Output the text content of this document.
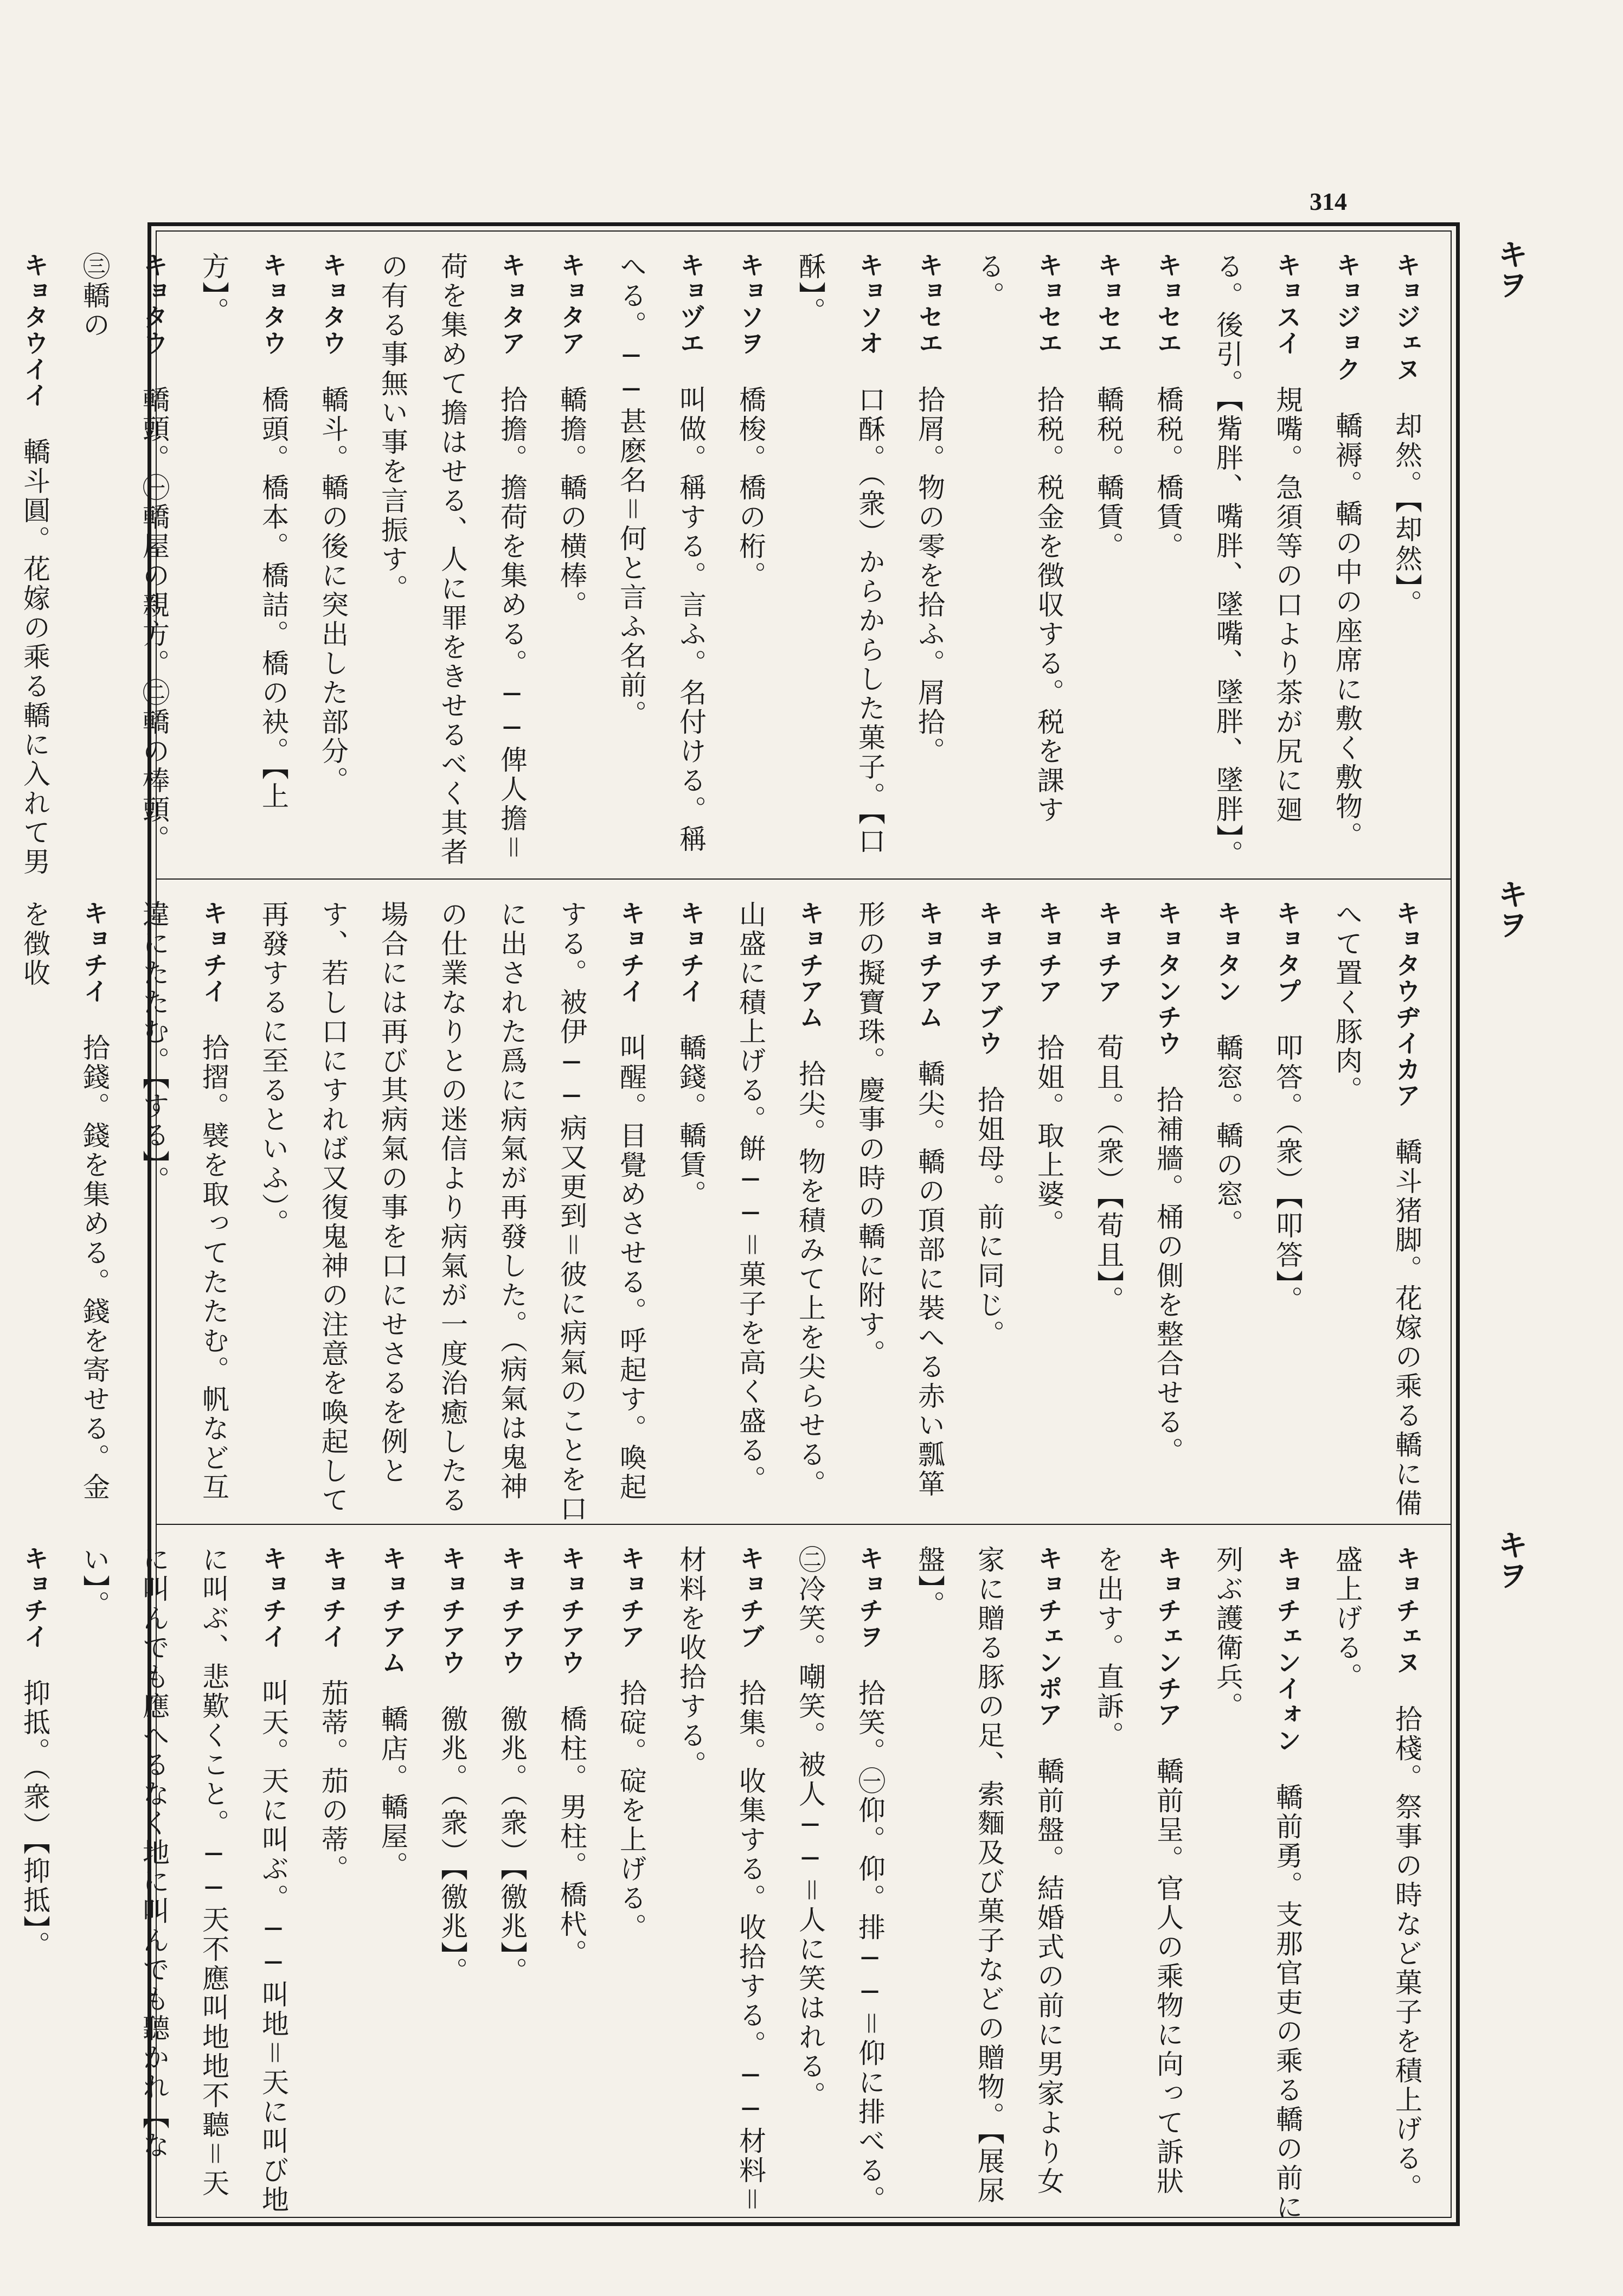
314
キヲ
キヲ
キヲ
キョジェヌ　却然。【却然】。
キョジョク　轎褥。轎の中の座席に敷く敷物。
キョスイ　規嘴。急須等の口より茶が尻に廻る。後引。【觜胖、嘴胖、墜嘴、墜胖、墜胖】。
キョセエ　橋税。橋賃。
キョセエ　轎税。轎賃。
キョセエ　拾税。税金を徴収する。税を課する。
キョセエ　拾屑。物の零を拾ふ。屑拾。
キョソオ　口酥。（衆）からからした菓子。【口酥】。
キョソヲ　橋梭。橋の桁。
キョヅエ　叫做。稱する。言ふ。名付ける。稱へる。──甚麽名＝何と言ふ名前。
キョタア　轎擔。轎の横棒。
キョタア　拾擔。擔荷を集める。──俾人擔＝荷を集めて擔はせる、人に罪をきせるべく其者の有る事無い事を言振す。
キョタウ　轎斗。轎の後に突出した部分。
キョタウ　橋頭。橋本。橋詰。橋の袂。【上方】。
キョタウ　轎頭。㊀轎屋の親方。㊁轎の棒頭。㊂轎の
キョタウイイ　轎斗圓。花嫁の乘る轎に入れて男

キョタウヂイカア　轎斗猪脚。花嫁の乘る轎に備へて置く豚肉。
キョタプ　叩答。（衆）【叩答】。
キョタン　轎窓。轎の窓。
キョタンチウ　拾補牆。桶の側を整合せる。
キョチア　荀且。（衆）【荀且】。
キョチア　拾姐。取上婆。
キョチアブウ　拾姐母。前に同じ。
キョチアム　轎尖。轎の頂部に裝へる赤い瓢箪形の擬寶珠。慶事の時の轎に附す。
キョチアム　拾尖。物を積みて上を尖らせる。山盛に積上げる。餠──＝菓子を高く盛る。
キョチイ　轎錢。轎賃。
キョチイ　叫醒。目覺めさせる。呼起す。喚起する。被伊──病又更到＝彼に病氣のことを口に出された爲に病氣が再發した。（病氣は鬼神の仕業なりとの迷信より病氣が一度治癒したる場合には再び其病氣の事を口にせさるを例とす、若し口にすれば又復鬼神の注意を喚起して再發するに至るといふ）。
キョチイ　拾摺。襞を取ってたたむ。帆など互違にたたむ。【する】。
キョチイ　拾錢。錢を集める。錢を寄せる。金を徴收
キョチェヌ　拾棧。祭事の時など菓子を積上げる。盛上げる。
キョチェンイォン　轎前勇。支那官吏の乘る轎の前に列ぶ護衛兵。
キョチェンチア　轎前呈。官人の乘物に向って訴狀を出す。直訴。
キョチェンポア　轎前盤。結婚式の前に男家より女家に贈る豚の足、索麵及び菓子などの贈物。【展尿盤】。
キョチヲ　拾笑。㊀仰。仰。排──＝仰に排べる。㊁冷笑。嘲笑。被人──＝人に笑はれる。
キョチブ　拾集。收集する。收拾する。──材料＝材料を收拾する。
キョチア　拾碇。碇を上げる。
キョチアウ　橋柱。男柱。橋杙。
キョチアウ　徼兆。（衆）【徼兆】。
キョチアウ　徼兆。（衆）【徼兆】。
キョチアム　轎店。轎屋。
キョチイ　茄蒂。茄の蒂。
キョチイ　叫天。天に叫ぶ。──叫地＝天に叫び地に叫ぶ、悲歎くこと。──天不應叫地地不聽＝天に叫んでも應へるなく地に叫んでも聽かれ【ない】。
キョチイ　抑抵。（衆）【抑抵】。
